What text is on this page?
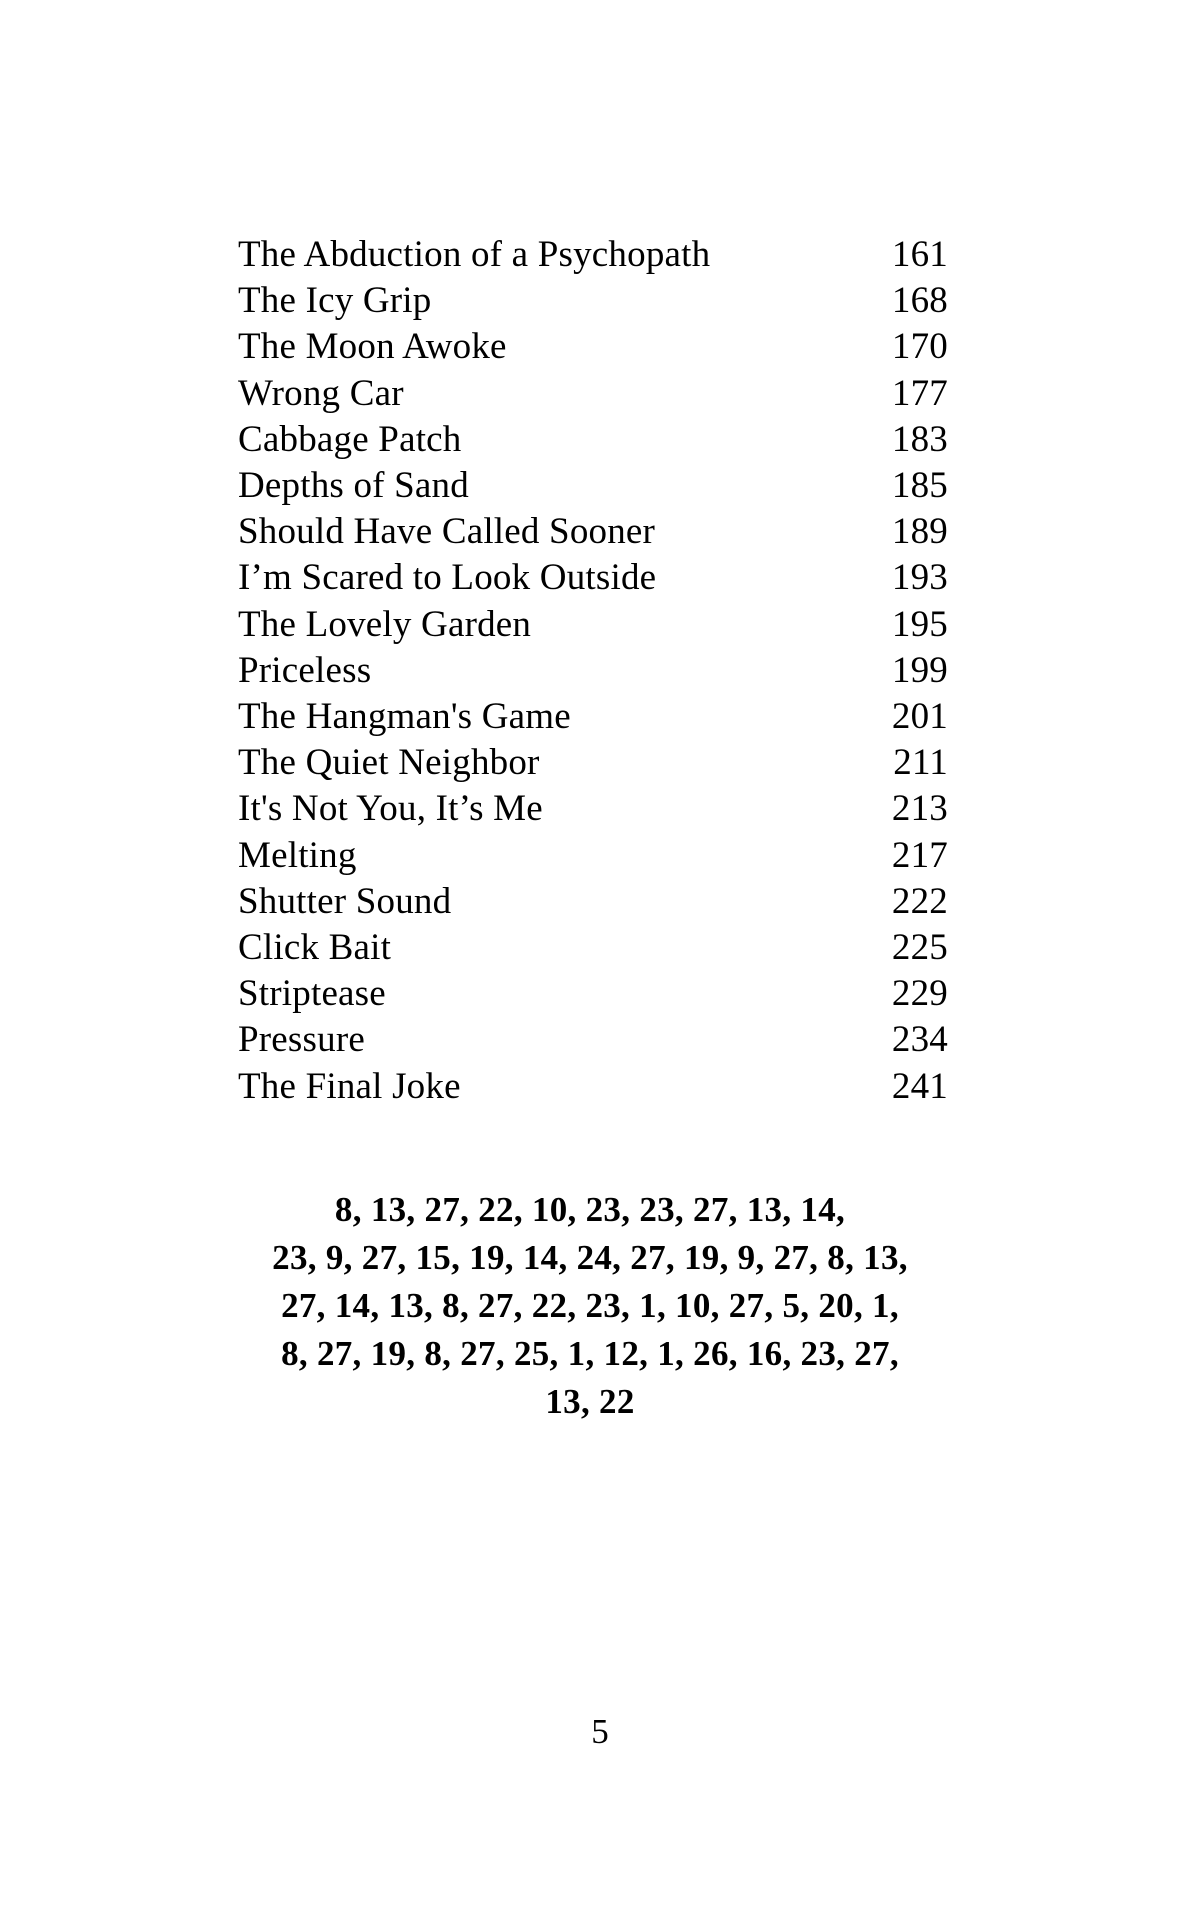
The Abduction of a Psychopath	161
The Icy Grip	168
The Moon Awoke	170
Wrong Car	177
Cabbage Patch	183
Depths of Sand	185
Should Have Called Sooner	189
I’m Scared to Look Outside	193
The Lovely Garden	195
Priceless	199
The Hangman's Game	201
The Quiet Neighbor	211
It's Not You, It’s Me	213
Melting	217
Shutter Sound	222
Click Bait	225
Striptease	229
Pressure	234
The Final Joke	241
8, 13, 27, 22, 10, 23, 23, 27, 13, 14,
23, 9, 27, 15, 19, 14, 24, 27, 19, 9, 27, 8, 13,
27, 14, 13, 8, 27, 22, 23, 1, 10, 27, 5, 20, 1,
8, 27, 19, 8, 27, 25, 1, 12, 1, 26, 16, 23, 27,
13, 22
5
